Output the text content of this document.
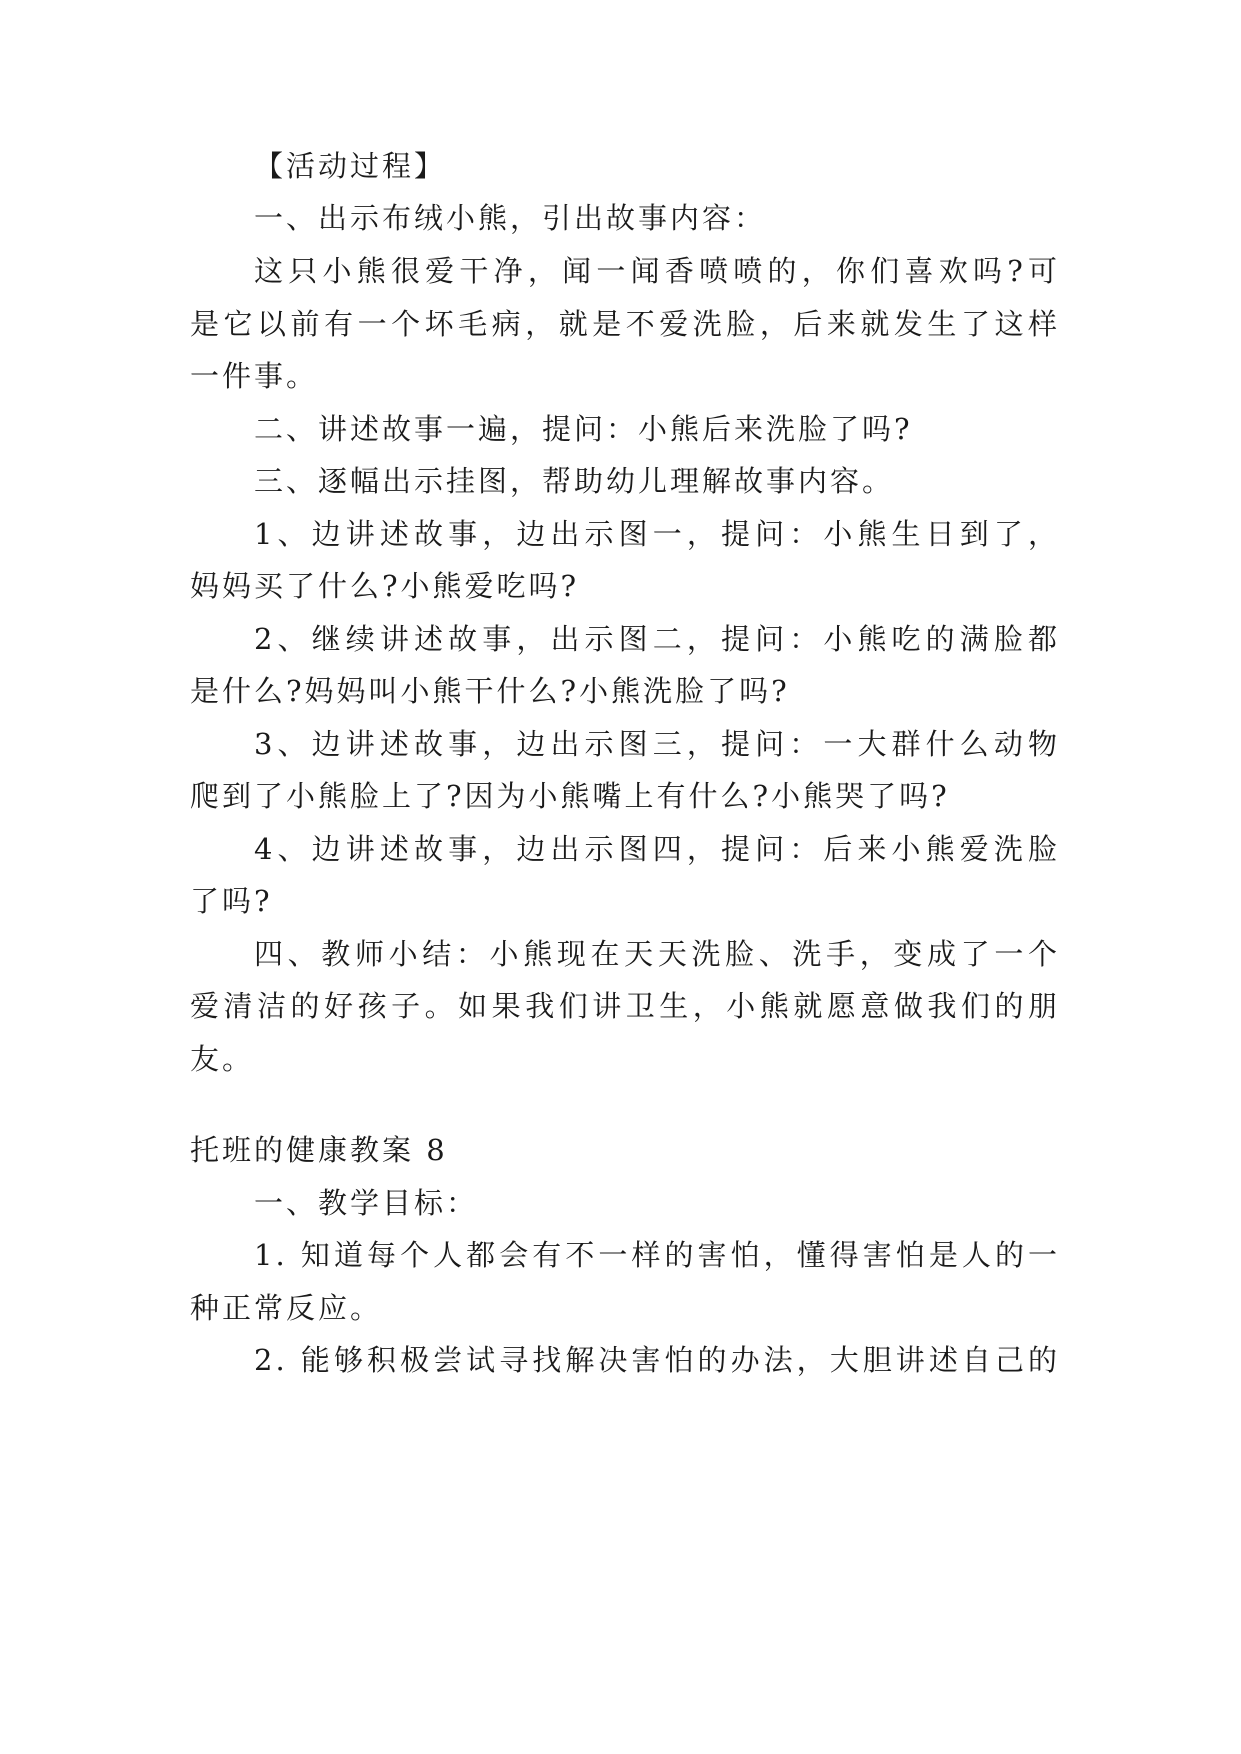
【活动过程】
一、出示布绒小熊，引出故事内容：
这只小熊很爱干净，闻一闻香喷喷的，你们喜欢吗?可
是它以前有一个坏毛病，就是不爱洗脸，后来就发生了这样
一件事。
二、讲述故事一遍，提问：小熊后来洗脸了吗?
三、逐幅出示挂图，帮助幼儿理解故事内容。
1、边讲述故事，边出示图一，提问：小熊生日到了，
妈妈买了什么?小熊爱吃吗?
2、继续讲述故事，出示图二，提问：小熊吃的满脸都
是什么?妈妈叫小熊干什么?小熊洗脸了吗?
3、边讲述故事，边出示图三，提问：一大群什么动物
爬到了小熊脸上了?因为小熊嘴上有什么?小熊哭了吗?
4、边讲述故事，边出示图四，提问：后来小熊爱洗脸
了吗?
四、教师小结：小熊现在天天洗脸、洗手，变成了一个
爱清洁的好孩子。如果我们讲卫生，小熊就愿意做我们的朋
友。
托班的健康教案 8
一、教学目标：
1. 知道每个人都会有不一样的害怕，懂得害怕是人的一
种正常反应。
2. 能够积极尝试寻找解决害怕的办法，大胆讲述自己的
